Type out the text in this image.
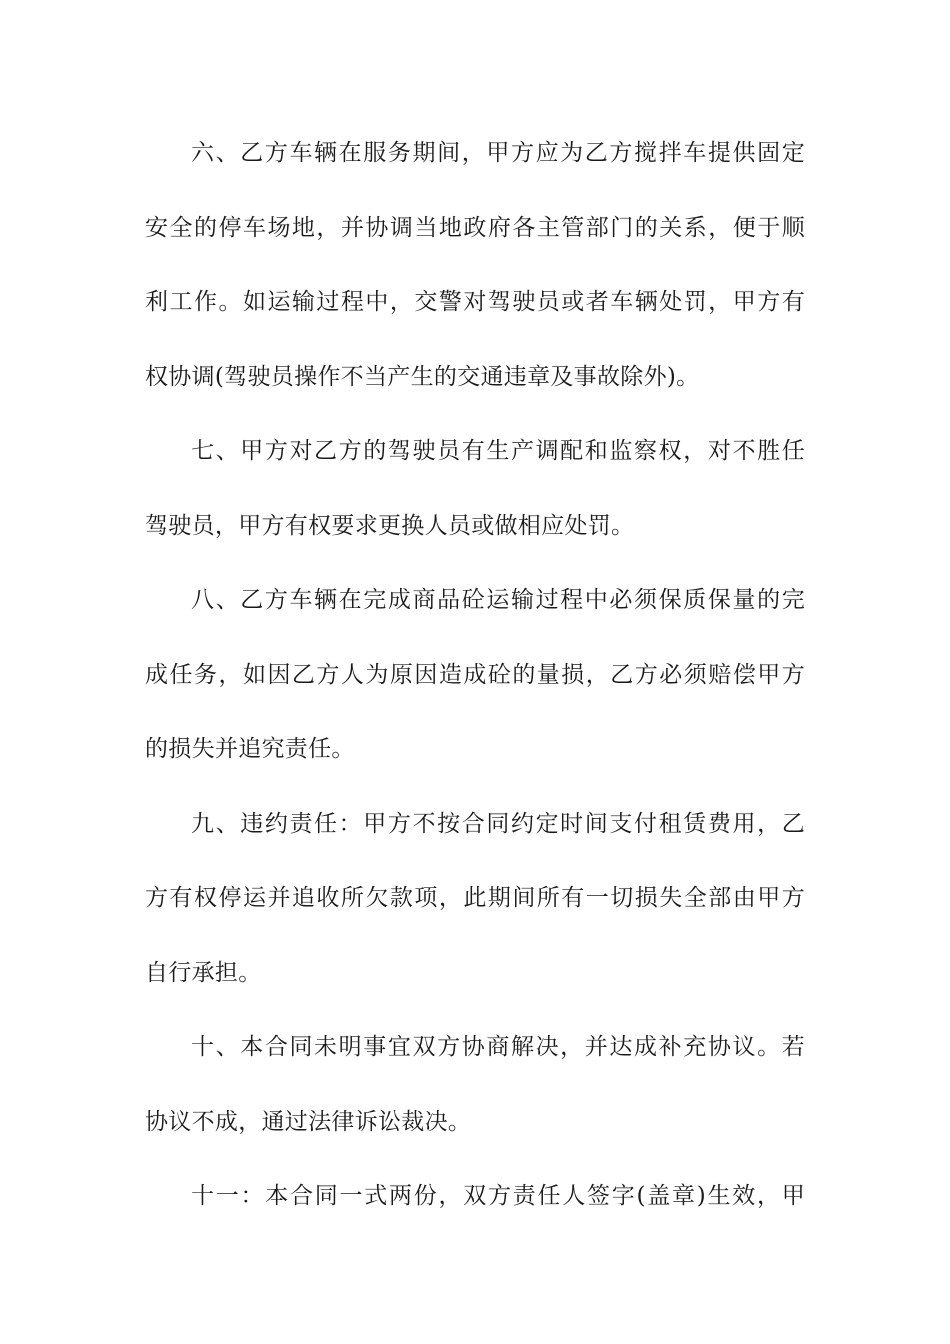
六、乙方车辆在服务期间，甲方应为乙方搅拌车提供固定
安全的停车场地，并协调当地政府各主管部门的关系，便于顺
利工作。如运输过程中，交警对驾驶员或者车辆处罚，甲方有
权协调(驾驶员操作不当产生的交通违章及事故除外)。
七、甲方对乙方的驾驶员有生产调配和监察权，对不胜任
驾驶员，甲方有权要求更换人员或做相应处罚。
八、乙方车辆在完成商品砼运输过程中必须保质保量的完
成任务，如因乙方人为原因造成砼的量损，乙方必须赔偿甲方
的损失并追究责任。
九、违约责任：甲方不按合同约定时间支付租赁费用，乙
方有权停运并追收所欠款项，此期间所有一切损失全部由甲方
自行承担。
十、本合同未明事宜双方协商解决，并达成补充协议。若
协议不成，通过法律诉讼裁决。
十一：本合同一式两份，双方责任人签字(盖章)生效，甲
